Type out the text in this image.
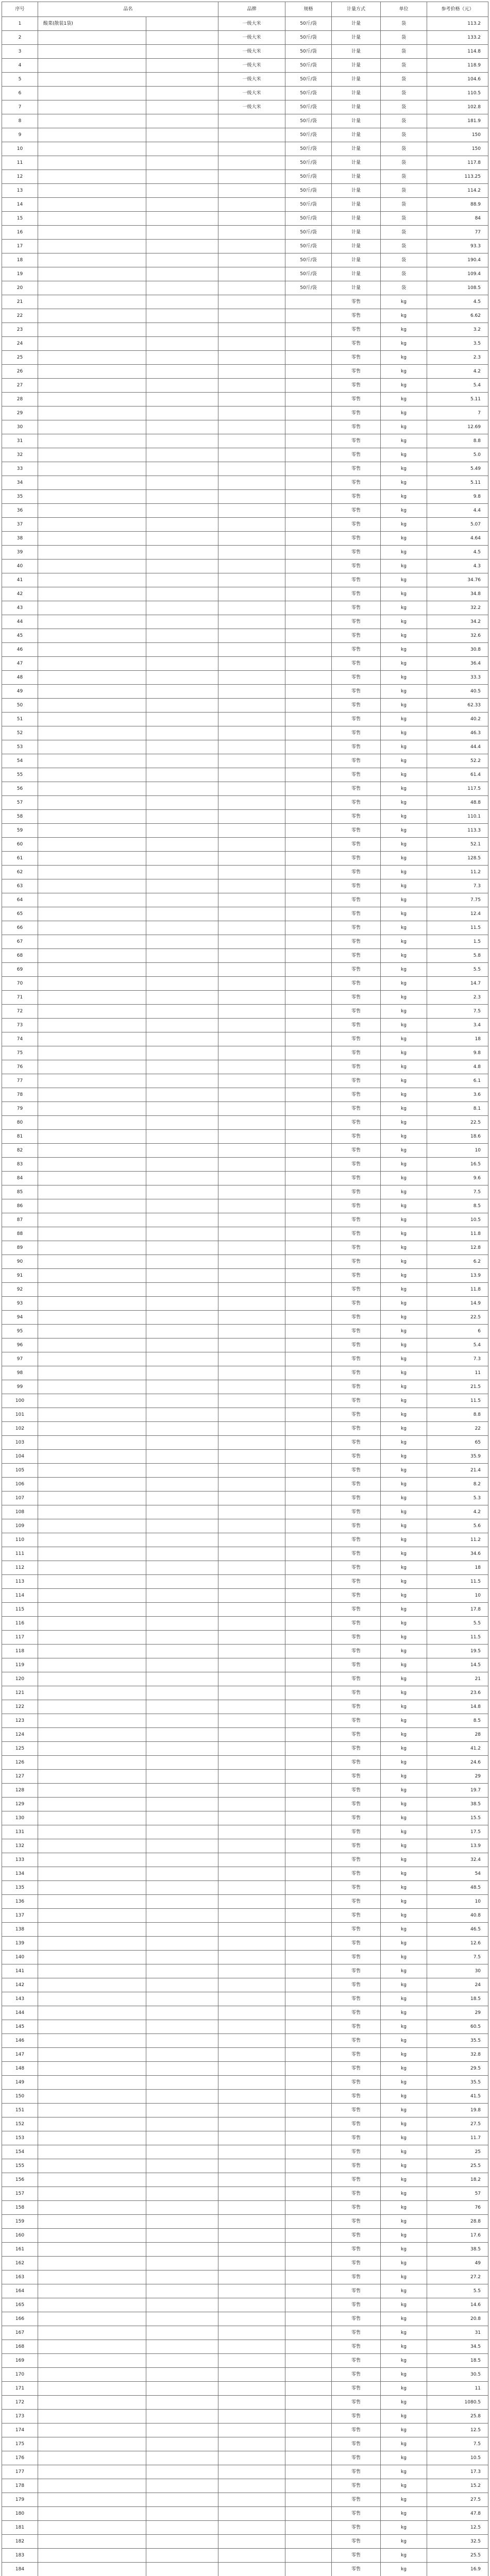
序号	品名		品牌	规格	计量方式	单位	参考价格（元）
1	酸菜(散装1袋)		一级大米	50斤/袋	计量	袋	113.2
2			一级大米	50斤/袋	计量	袋	133.2
3			一级大米	50斤/袋	计量	袋	114.8
4			一级大米	50斤/袋	计量	袋	118.9
5			一级大米	50斤/袋	计量	袋	104.6
6			一级大米	50斤/袋	计量	袋	110.5
7			一级大米	50斤/袋	计量	袋	102.8
8				50斤/袋	计量	袋	181.9
9				50斤/袋	计量	袋	150
10				50斤/袋	计量	袋	150
11				50斤/袋	计量	袋	117.8
12				50斤/袋	计量	袋	113.25
13				50斤/袋	计量	袋	114.2
14				50斤/袋	计量	袋	88.9
15				50斤/袋	计量	袋	84
16				50斤/袋	计量	袋	77
17				50斤/袋	计量	袋	93.3
18				50斤/袋	计量	袋	190.4
19				50斤/袋	计量	袋	109.4
20				50斤/袋	计量	袋	108.5
21					零售	kg	4.5
22					零售	kg	6.62
23					零售	kg	3.2
24					零售	kg	3.5
25					零售	kg	2.3
26					零售	kg	4.2
27					零售	kg	5.4
28					零售	kg	5.11
29					零售	kg	7
30					零售	kg	12.69
31					零售	kg	8.8
32					零售	kg	5.0
33					零售	kg	5.49
34					零售	kg	5.11
35					零售	kg	9.8
36					零售	kg	4.4
37					零售	kg	5.07
38					零售	kg	4.64
39					零售	kg	4.5
40					零售	kg	4.3
41					零售	kg	34.76
42					零售	kg	34.8
43					零售	kg	32.2
44					零售	kg	34.2
45					零售	kg	32.6
46					零售	kg	30.8
47					零售	kg	36.4
48					零售	kg	33.3
49					零售	kg	40.5
50					零售	kg	62.33
51					零售	kg	40.2
52					零售	kg	46.3
53					零售	kg	44.4
54					零售	kg	52.2
55					零售	kg	61.4
56					零售	kg	117.5
57					零售	kg	48.8
58					零售	kg	110.1
59					零售	kg	113.3
60					零售	kg	52.1
61					零售	kg	128.5
62					零售	kg	11.2
63					零售	kg	7.3
64					零售	kg	7.75
65					零售	kg	12.4
66					零售	kg	11.5
67					零售	kg	1.5
68					零售	kg	5.8
69					零售	kg	5.5
70					零售	kg	14.7
71					零售	kg	2.3
72					零售	kg	7.5
73					零售	kg	3.4
74					零售	kg	18
75					零售	kg	9.8
76					零售	kg	4.8
77					零售	kg	6.1
78					零售	kg	3.6
79					零售	kg	8.1
80					零售	kg	22.5
81					零售	kg	18.6
82					零售	kg	10
83					零售	kg	16.5
84					零售	kg	9.6
85					零售	kg	7.5
86					零售	kg	8.5
87					零售	kg	10.5
88					零售	kg	11.8
89					零售	kg	12.8
90					零售	kg	6.2
91					零售	kg	13.9
92					零售	kg	11.8
93					零售	kg	14.9
94					零售	kg	22.5
95					零售	kg	6
96					零售	kg	5.4
97					零售	kg	7.3
98					零售	kg	11
99					零售	kg	21.5
100					零售	kg	11.5
101					零售	kg	8.8
102					零售	kg	22
103					零售	kg	65
104					零售	kg	35.9
105					零售	kg	21.4
106					零售	kg	8.2
107					零售	kg	5.3
108					零售	kg	4.2
109					零售	kg	5.6
110					零售	kg	11.2
111					零售	kg	34.6
112					零售	kg	18
113					零售	kg	11.5
114					零售	kg	10
115					零售	kg	17.8
116					零售	kg	5.5
117					零售	kg	11.5
118					零售	kg	19.5
119					零售	kg	14.5
120					零售	kg	21
121					零售	kg	23.6
122					零售	kg	14.8
123					零售	kg	8.5
124					零售	kg	28
125					零售	kg	41.2
126					零售	kg	24.6
127					零售	kg	29
128					零售	kg	19.7
129					零售	kg	38.5
130					零售	kg	15.5
131					零售	kg	17.5
132					零售	kg	13.9
133					零售	kg	32.4
134					零售	kg	54
135					零售	kg	48.5
136					零售	kg	10
137					零售	kg	40.8
138					零售	kg	46.5
139					零售	kg	12.6
140					零售	kg	7.5
141					零售	kg	30
142					零售	kg	24
143					零售	kg	18.5
144					零售	kg	29
145					零售	kg	60.5
146					零售	kg	35.5
147					零售	kg	32.8
148					零售	kg	29.5
149					零售	kg	35.5
150					零售	kg	41.5
151					零售	kg	19.8
152					零售	kg	27.5
153					零售	kg	11.7
154					零售	kg	25
155					零售	kg	25.5
156					零售	kg	18.2
157					零售	kg	57
158					零售	kg	76
159					零售	kg	28.8
160					零售	kg	17.6
161					零售	kg	38.5
162					零售	kg	49
163					零售	kg	27.2
164					零售	kg	5.5
165					零售	kg	14.6
166					零售	kg	20.8
167					零售	kg	31
168					零售	kg	34.5
169					零售	kg	18.5
170					零售	kg	30.5
171					零售	kg	11
172					零售	kg	1080.5
173					零售	kg	25.8
174					零售	kg	12.5
175					零售	kg	7.5
176					零售	kg	10.5
177					零售	kg	17.3
178					零售	kg	15.2
179					零售	kg	27.5
180					零售	kg	47.8
181					零售	kg	12.5
182					零售	kg	32.5
183					零售	kg	25.5
184					零售	kg	16.9
